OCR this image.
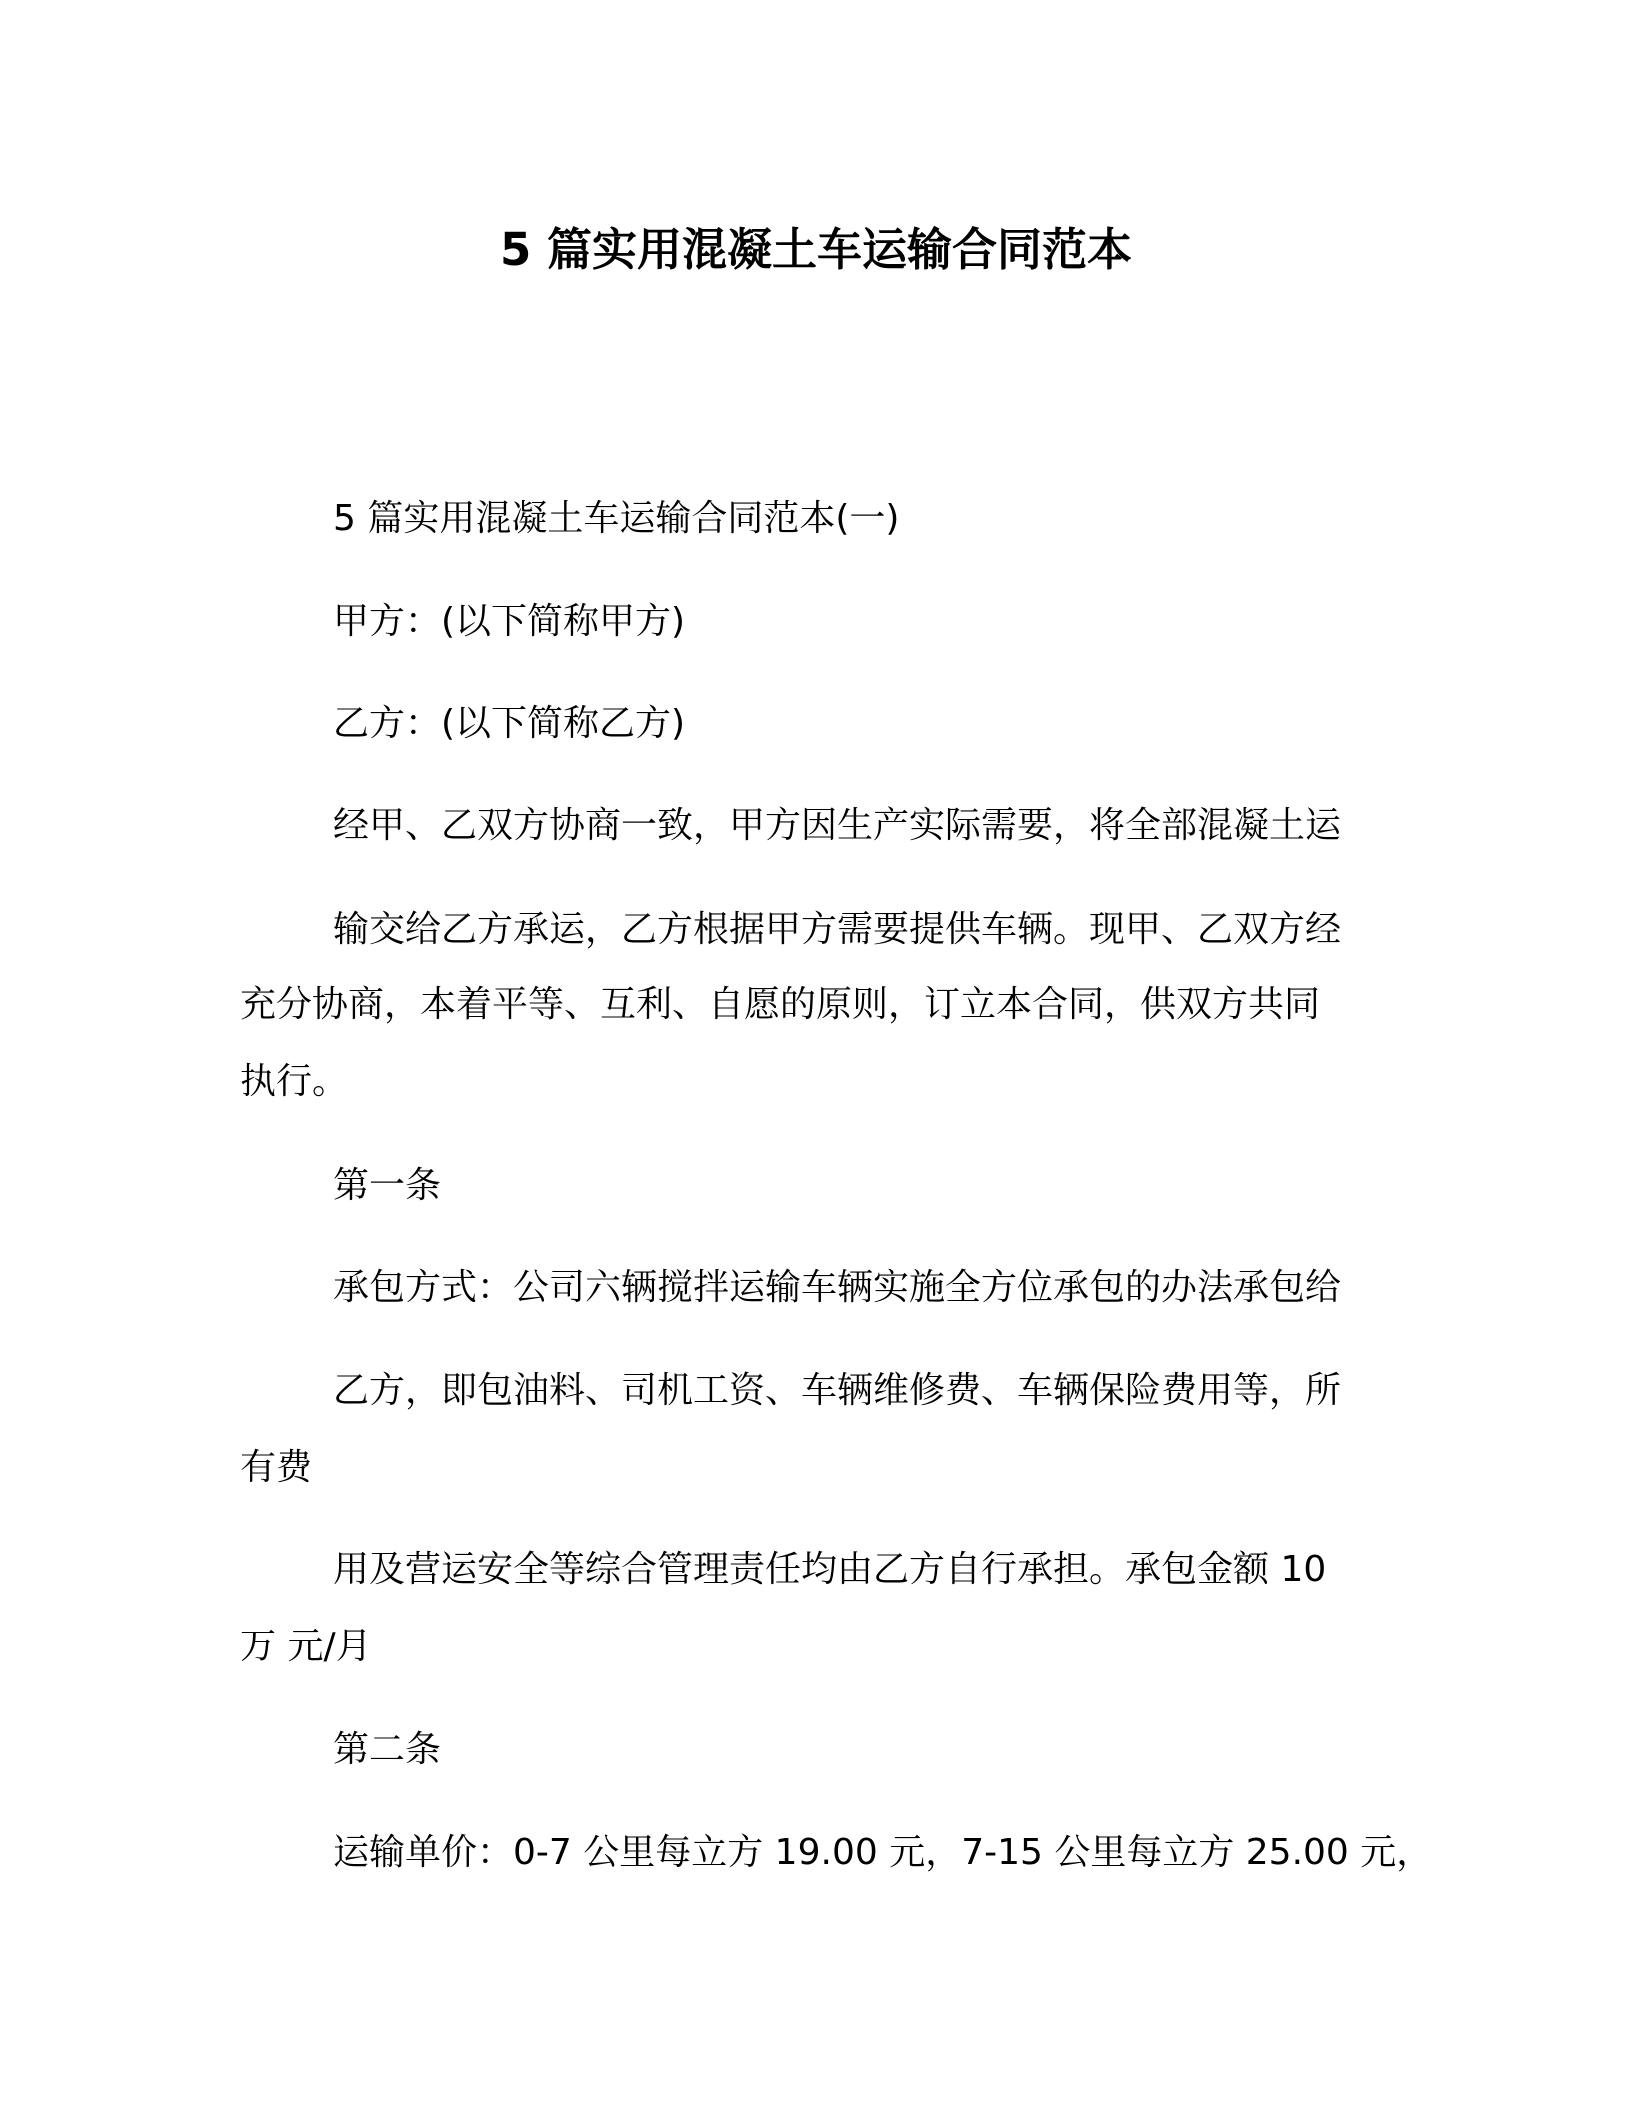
5 篇实用混凝土车运输合同范本
5 篇实用混凝土车运输合同范本(一)
甲方：(以下简称甲方)
乙方：(以下简称乙方)
经甲、乙双方协商一致，甲方因生产实际需要，将全部混凝土运
输交给乙方承运，乙方根据甲方需要提供车辆。现甲、乙双方经
充分协商，本着平等、互利、自愿的原则，订立本合同，供双方共同
执行。
第一条
承包方式：公司六辆搅拌运输车辆实施全方位承包的办法承包给
乙方，即包油料、司机工资、车辆维修费、车辆保险费用等，所
有费
用及营运安全等综合管理责任均由乙方自行承担。承包金额 10
万 元/月
第二条
运输单价：0-7 公里每立方 19.00 元，7-15 公里每立方 25.00 元，
